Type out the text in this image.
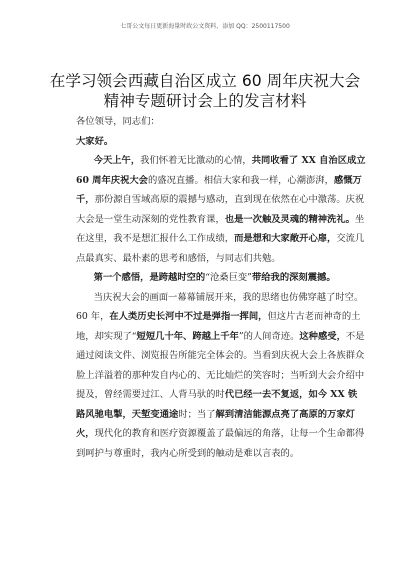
七哥公文每日更新海量时政公文资料，添加 QQ：2500117500
在学习领会西藏自治区成立 60 周年庆祝大会
精神专题研讨会上的发言材料

各位领导，同志们：

大家好。

今天上午，我们怀着无比激动的心情，共同收看了 XX 自治区成立 60 周年庆祝大会的盛况直播。相信大家和我一样，心潮澎湃，感慨万千，那份源自雪域高原的震撼与感动，直到现在依然在心中激荡。庆祝大会是一堂生动深刻的党性教育课，也是一次触及灵魂的精神洗礼。坐在这里，我不是想汇报什么工作成绩，而是想和大家敞开心扉，交流几点最真实、最朴素的思考和感悟，与同志们共勉。

第一个感悟，是跨越时空的“沧桑巨变”带给我的深刻震撼。

当庆祝大会的画面一幕幕铺展开来，我的思绪也仿佛穿越了时空。60 年，在人类历史长河中不过是弹指一挥间，但这片古老而神奇的土地，却实现了“短短几十年、跨越上千年”的人间奇迹。这种感受，不是通过阅读文件、浏览报告所能完全体会的。当看到庆祝大会上各族群众脸上洋溢着的那种发自内心的、无比灿烂的笑容时；当听到大会介绍中提及，曾经需要过江、人背马驮的时代已经一去不复返，如今 XX 铁路风驰电掣，天堑变通途时；当了解到清洁能源点亮了高原的万家灯火，现代化的教育和医疗资源覆盖了最偏远的角落，让每一个生命都得到呵护与尊重时，我内心所受到的触动是难以言表的。
